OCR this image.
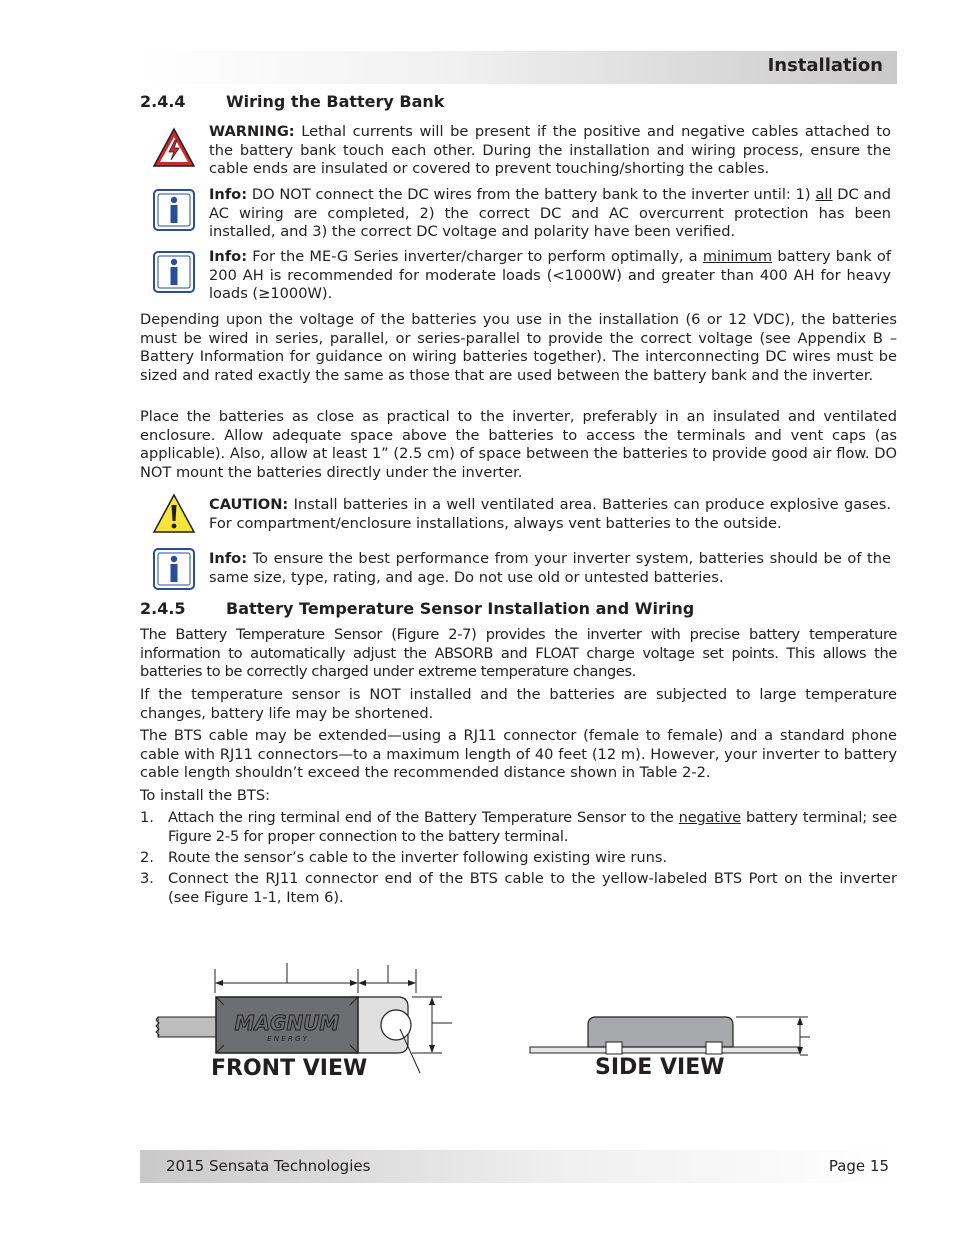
Installation
2.4.4	Wiring the Battery Bank
WARNING: Lethal currents will be present if the positive and negative cables attached to the battery bank touch each other. During the installation and wiring process, ensure the cable ends are insulated or covered to prevent touching/shorting the cables.
Info: DO NOT connect the DC wires from the battery bank to the inverter until: 1) all DC and AC wiring are completed, 2) the correct DC and AC overcurrent protection has been installed, and 3) the correct DC voltage and polarity have been verified.
Info: For the ME-G Series inverter/charger to perform optimally, a minimum battery bank of 200 AH is recommended for moderate loads (<1000W) and greater than 400 AH for heavy loads (≥1000W).
Depending upon the voltage of the batteries you use in the installation (6 or 12 VDC), the batteries must be wired in series, parallel, or series-parallel to provide the correct voltage (see Appendix B – Battery Information for guidance on wiring batteries together). The interconnecting DC wires must be sized and rated exactly the same as those that are used between the battery bank and the inverter.
Place the batteries as close as practical to the inverter, preferably in an insulated and ventilated enclosure. Allow adequate space above the batteries to access the terminals and vent caps (as applicable). Also, allow at least 1” (2.5 cm) of space between the batteries to provide good air flow. DO NOT mount the batteries directly under the inverter.
CAUTION: Install batteries in a well ventilated area. Batteries can produce explosive gases. For compartment/enclosure installations, always vent batteries to the outside.
Info: To ensure the best performance from your inverter system, batteries should be of the same size, type, rating, and age. Do not use old or untested batteries.
2.4.5	Battery Temperature Sensor Installation and Wiring
The Battery Temperature Sensor (Figure 2-7) provides the inverter with precise battery temperature information to automatically adjust the ABSORB and FLOAT charge voltage set points. This allows the batteries to be correctly charged under extreme temperature changes.
If the temperature sensor is NOT installed and the batteries are subjected to large temperature changes, battery life may be shortened.
The BTS cable may be extended—using a RJ11 connector (female to female) and a standard phone cable with RJ11 connectors—to a maximum length of 40 feet (12 m). However, your inverter to battery cable length shouldn’t exceed the recommended distance shown in Table 2-2.
To install the BTS:
1. Attach the ring terminal end of the Battery Temperature Sensor to the negative battery terminal; see Figure 2-5 for proper connection to the battery terminal.
2. Route the sensor’s cable to the inverter following existing wire runs.
3. Connect the RJ11 connector end of the BTS cable to the yellow-labeled BTS Port on the inverter (see Figure 1-1, Item 6).
MAGNUM
E N E R G Y
FRONT VIEW	SIDE VIEW
2015 Sensata Technologies	Page 15
